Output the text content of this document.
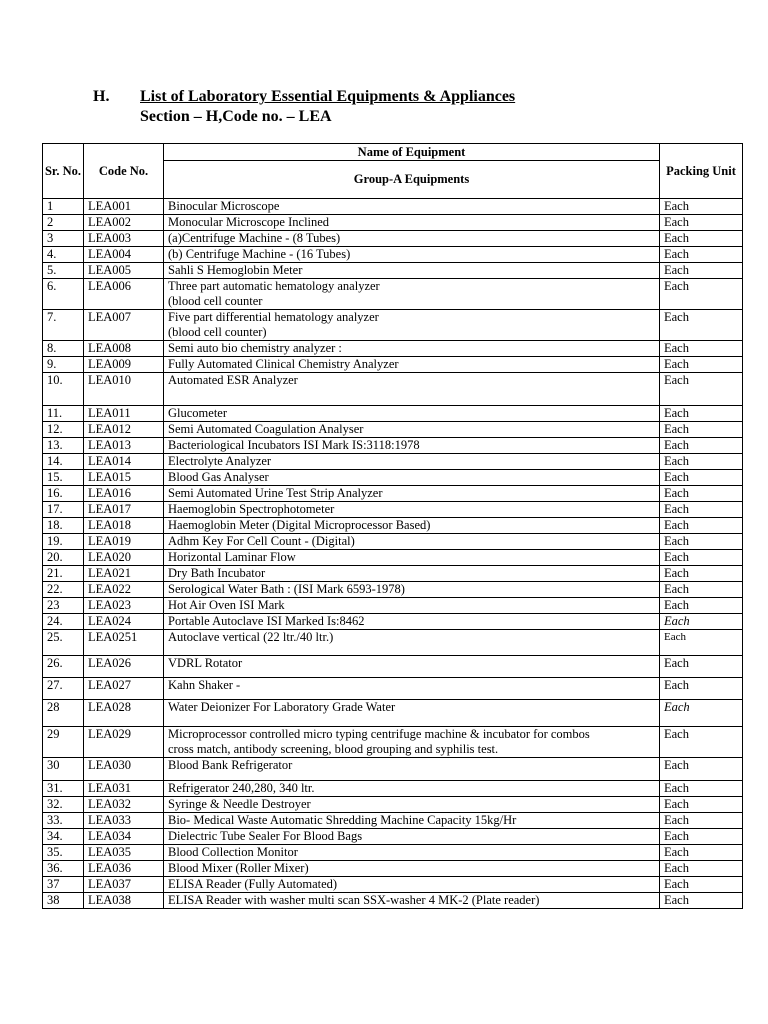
H. List of Laboratory Essential Equipments & Appliances
Section – H,Code no. – LEA
Sr. No.	Code No.	Name of Equipment	Packing Unit
		Group-A Equipments	
1	LEA001	Binocular Microscope	Each
2	LEA002	Monocular Microscope Inclined	Each
3	LEA003	(a)Centrifuge Machine - (8 Tubes)	Each
4.	LEA004	(b) Centrifuge Machine - (16 Tubes)	Each
5.	LEA005	Sahli S Hemoglobin Meter	Each
6.	LEA006	Three part automatic hematology analyzer
(blood cell counter	Each
7.	LEA007	Five part differential hematology analyzer
(blood cell counter)	Each
8.	LEA008	Semi auto bio chemistry analyzer :	Each
9.	LEA009	Fully Automated Clinical Chemistry Analyzer	Each
10.	LEA010	Automated ESR Analyzer	Each
11.	LEA011	Glucometer	Each
12.	LEA012	Semi Automated Coagulation Analyser	Each
13.	LEA013	Bacteriological Incubators ISI Mark IS:3118:1978	Each
14.	LEA014	Electrolyte Analyzer	Each
15.	LEA015	Blood Gas Analyser	Each
16.	LEA016	Semi Automated Urine Test Strip Analyzer	Each
17.	LEA017	Haemoglobin Spectrophotometer	Each
18.	LEA018	Haemoglobin Meter (Digital Microprocessor Based)	Each
19.	LEA019	Adhm Key For Cell Count - (Digital)	Each
20.	LEA020	Horizontal Laminar Flow	Each
21.	LEA021	Dry Bath Incubator	Each
22.	LEA022	Serological Water Bath : (ISI Mark 6593-1978)	Each
23	LEA023	Hot Air Oven ISI Mark	Each
24.	LEA024	Portable Autoclave ISI Marked Is:8462	Each
25.	LEA0251	Autoclave vertical (22 ltr./40 ltr.)	Each
26.	LEA026	VDRL Rotator	Each
27.	LEA027	Kahn Shaker -	Each
28	LEA028	Water Deionizer For Laboratory Grade Water	Each
29	LEA029	Microprocessor controlled micro typing centrifuge machine & incubator for combos
cross match, antibody screening, blood grouping and syphilis test.	Each
30	LEA030	Blood Bank Refrigerator	Each
31.	LEA031	Refrigerator 240,280, 340 ltr.	Each
32.	LEA032	Syringe & Needle Destroyer	Each
33.	LEA033	Bio- Medical Waste Automatic Shredding Machine Capacity 15kg/Hr	Each
34.	LEA034	Dielectric Tube Sealer For Blood Bags	Each
35.	LEA035	Blood Collection Monitor	Each
36.	LEA036	Blood Mixer (Roller Mixer)	Each
37	LEA037	ELISA Reader (Fully Automated)	Each
38	LEA038	ELISA Reader with washer multi scan SSX-washer 4 MK-2 (Plate reader)	Each
